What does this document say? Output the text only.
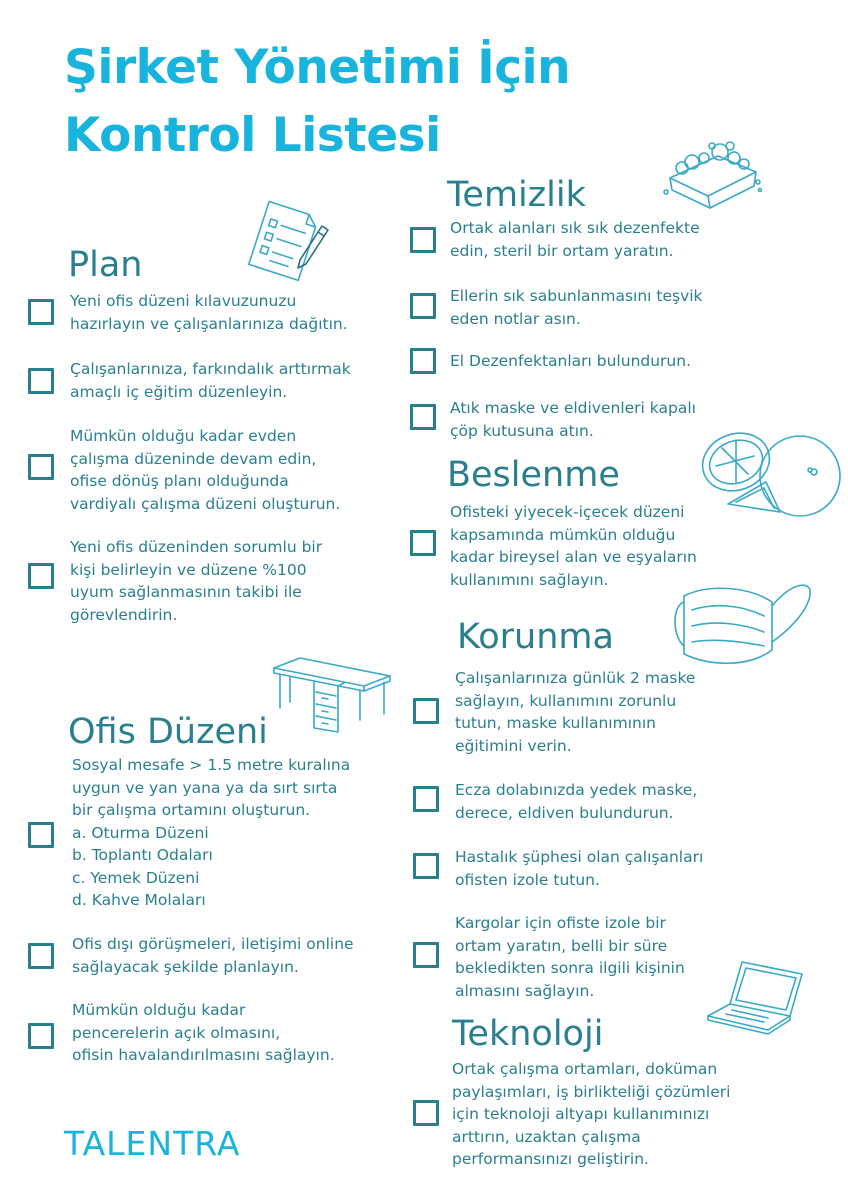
Şirket Yönetimi İçin
Kontrol Listesi
Plan

Yeni ofis düzeni kılavuzunuzu
hazırlayın ve çalışanlarınıza dağıtın.

Çalışanlarınıza, farkındalık arttırmak
amaçlı iç eğitim düzenleyin.

Mümkün olduğu kadar evden
çalışma düzeninde devam edin,
ofise dönüş planı olduğunda
vardiyalı çalışma düzeni oluşturun.

Yeni ofis düzeninden sorumlu bir
kişi belirleyin ve düzene %100
uyum sağlanmasının takibi ile
görevlendirin.

Ofis Düzeni

Sosyal mesafe > 1.5 metre kuralına
uygun ve yan yana ya da sırt sırta
bir çalışma ortamını oluşturun.
a. Oturma Düzeni
b. Toplantı Odaları
c. Yemek Düzeni
d. Kahve Molaları

Ofis dışı görüşmeleri, iletişimi online
sağlayacak şekilde planlayın.

Mümkün olduğu kadar
pencerelerin açık olmasını,
ofisin havalandırılmasını sağlayın.

TALENTRA
Temizlik

Ortak alanları sık sık dezenfekte
edin, steril bir ortam yaratın.

Ellerin sık sabunlanmasını teşvik
eden notlar asın.

El Dezenfektanları bulundurun.

Atık maske ve eldivenleri kapalı
çöp kutusuna atın.

Beslenme

Ofisteki yiyecek-içecek düzeni
kapsamında mümkün olduğu
kadar bireysel alan ve eşyaların
kullanımını sağlayın.

Korunma

Çalışanlarınıza günlük 2 maske
sağlayın, kullanımını zorunlu
tutun, maske kullanımının
eğitimini verin.

Ecza dolabınızda yedek maske,
derece, eldiven bulundurun.

Hastalık şüphesi olan çalışanları
ofisten izole tutun.

Kargolar için ofiste izole bir
ortam yaratın, belli bir süre
bekledikten sonra ilgili kişinin
almasını sağlayın.

Teknoloji

Ortak çalışma ortamları, doküman
paylaşımları, iş birlikteliği çözümleri
için teknoloji altyapı kullanımınızı
arttırın, uzaktan çalışma
performansınızı geliştirin.
